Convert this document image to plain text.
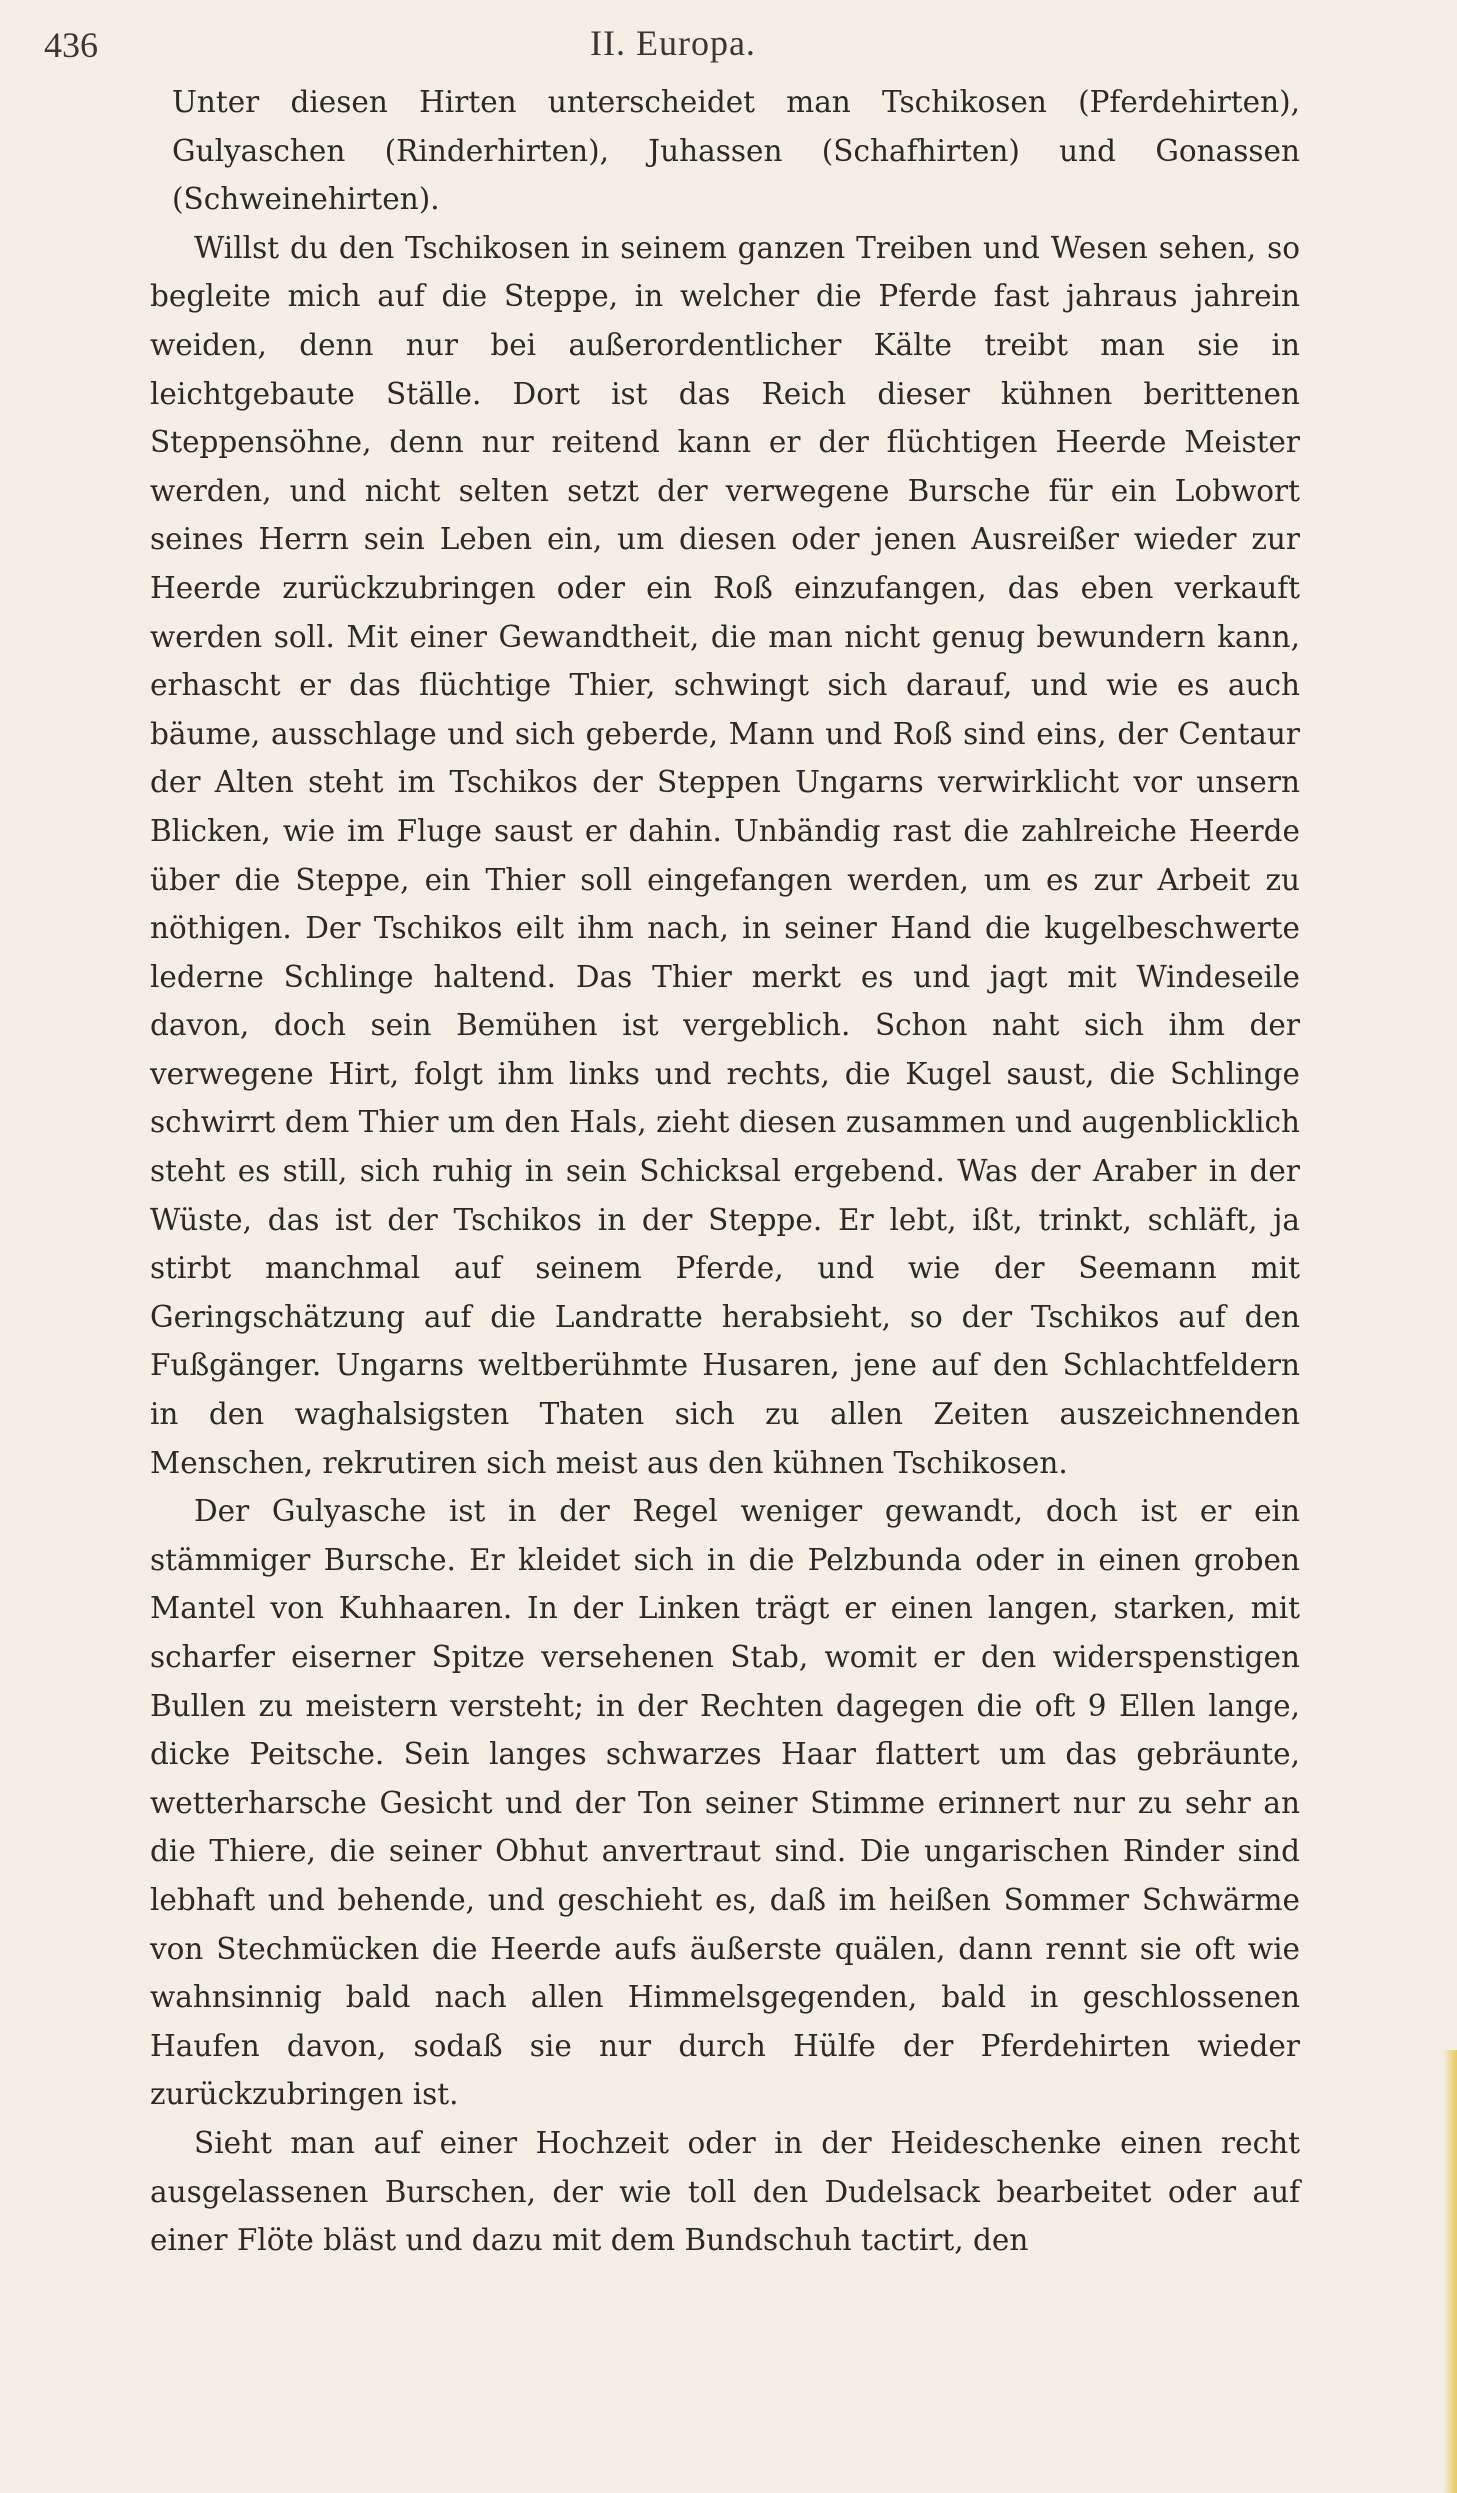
436	II. Europa.

Unter diesen Hirten unterscheidet man Tschikosen (Pferdehirten), Gulyaschen (Rinderhirten), Juhassen (Schafhirten) und Gonassen (Schweinehirten).

Willst du den Tschikosen in seinem ganzen Treiben und Wesen sehen, so begleite mich auf die Steppe, in welcher die Pferde fast jahraus jahrein weiden, denn nur bei außerordentlicher Kälte treibt man sie in leichtgebaute Ställe. Dort ist das Reich dieser kühnen berittenen Steppensöhne, denn nur reitend kann er der flüchtigen Heerde Meister werden, und nicht selten setzt der verwegene Bursche für ein Lobwort seines Herrn sein Leben ein, um diesen oder jenen Ausreißer wieder zur Heerde zurückzubringen oder ein Roß einzufangen, das eben verkauft werden soll. Mit einer Gewandtheit, die man nicht genug bewundern kann, erhascht er das flüchtige Thier, schwingt sich darauf, und wie es auch bäume, ausschlage und sich geberde, Mann und Roß sind eins, der Centaur der Alten steht im Tschikos der Steppen Ungarns verwirklicht vor unsern Blicken, wie im Fluge saust er dahin. Unbändig rast die zahlreiche Heerde über die Steppe, ein Thier soll eingefangen werden, um es zur Arbeit zu nöthigen. Der Tschikos eilt ihm nach, in seiner Hand die kugelbeschwerte lederne Schlinge haltend. Das Thier merkt es und jagt mit Windeseile davon, doch sein Bemühen ist vergeblich. Schon naht sich ihm der verwegene Hirt, folgt ihm links und rechts, die Kugel saust, die Schlinge schwirrt dem Thier um den Hals, zieht diesen zusammen und augenblicklich steht es still, sich ruhig in sein Schicksal ergebend. Was der Araber in der Wüste, das ist der Tschikos in der Steppe. Er lebt, ißt, trinkt, schläft, ja stirbt manchmal auf seinem Pferde, und wie der Seemann mit Geringschätzung auf die Landratte herabsieht, so der Tschikos auf den Fußgänger. Ungarns weltberühmte Husaren, jene auf den Schlachtfeldern in den waghalsigsten Thaten sich zu allen Zeiten auszeichnenden Menschen, rekrutiren sich meist aus den kühnen Tschikosen.

Der Gulyasche ist in der Regel weniger gewandt, doch ist er ein stämmiger Bursche. Er kleidet sich in die Pelzbunda oder in einen groben Mantel von Kuhhaaren. In der Linken trägt er einen langen, starken, mit scharfer eiserner Spitze versehenen Stab, womit er den widerspenstigen Bullen zu meistern versteht; in der Rechten dagegen die oft 9 Ellen lange, dicke Peitsche. Sein langes schwarzes Haar flattert um das gebräunte, wetterharsche Gesicht und der Ton seiner Stimme erinnert nur zu sehr an die Thiere, die seiner Obhut anvertraut sind. Die ungarischen Rinder sind lebhaft und behende, und geschieht es, daß im heißen Sommer Schwärme von Stechmücken die Heerde aufs äußerste quälen, dann rennt sie oft wie wahnsinnig bald nach allen Himmelsgegenden, bald in geschlossenen Haufen davon, sodaß sie nur durch Hülfe der Pferdehirten wieder zurückzubringen ist.

Sieht man auf einer Hochzeit oder in der Heideschenke einen recht ausgelassenen Burschen, der wie toll den Dudelsack bearbeitet oder auf einer Flöte bläst und dazu mit dem Bundschuh tactirt, den
